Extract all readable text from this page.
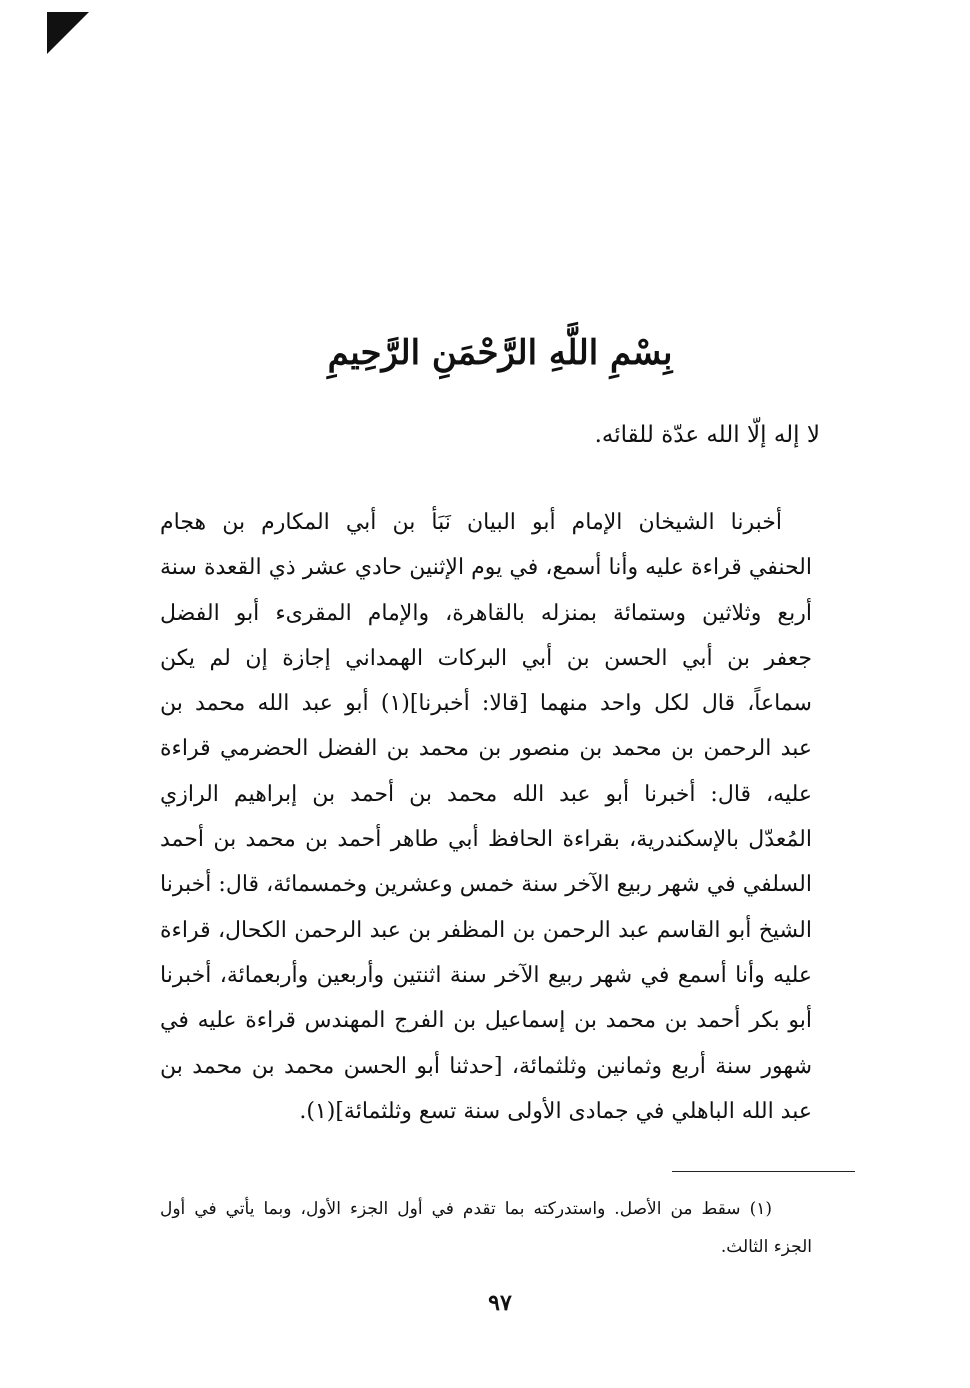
بِسْمِ اللَّهِ الرَّحْمَنِ الرَّحِيمِ
لا إله إلّا الله عدّة للقائه.
أخبرنا الشيخان الإمام أبو البيان نَبَأ بن أبي المكارم بن هجام
الحنفي قراءة عليه وأنا أسمع، في يوم الإثنين حادي عشر ذي القعدة سنة
أربع وثلاثين وستمائة بمنزله بالقاهرة، والإمام المقرىء أبو الفضل
جعفر بن أبي الحسن بن أبي البركات الهمداني إجازة إن لم يكن
سماعاً، قال لكل واحد منهما [قالا: أخبرنا](١) أبو عبد الله محمد بن
عبد الرحمن بن محمد بن منصور بن محمد بن الفضل الحضرمي قراءة
عليه، قال: أخبرنا أبو عبد الله محمد بن أحمد بن إبراهيم الرازي
المُعدّل بالإسكندرية، بقراءة الحافظ أبي طاهر أحمد بن محمد بن أحمد
السلفي في شهر ربيع الآخر سنة خمس وعشرين وخمسمائة، قال: أخبرنا
الشيخ أبو القاسم عبد الرحمن بن المظفر بن عبد الرحمن الكحال، قراءة
عليه وأنا أسمع في شهر ربيع الآخر سنة اثنتين وأربعين وأربعمائة، أخبرنا
أبو بكر أحمد بن محمد بن إسماعيل بن الفرج المهندس قراءة عليه في
شهور سنة أربع وثمانين وثلثمائة، [حدثنا أبو الحسن محمد بن محمد بن
عبد الله الباهلي في جمادى الأولى سنة تسع وثلثمائة](١).
(١) سقط من الأصل. واستدركته بما تقدم في أول الجزء الأول، وبما يأتي في أول
الجزء الثالث.
٩٧
